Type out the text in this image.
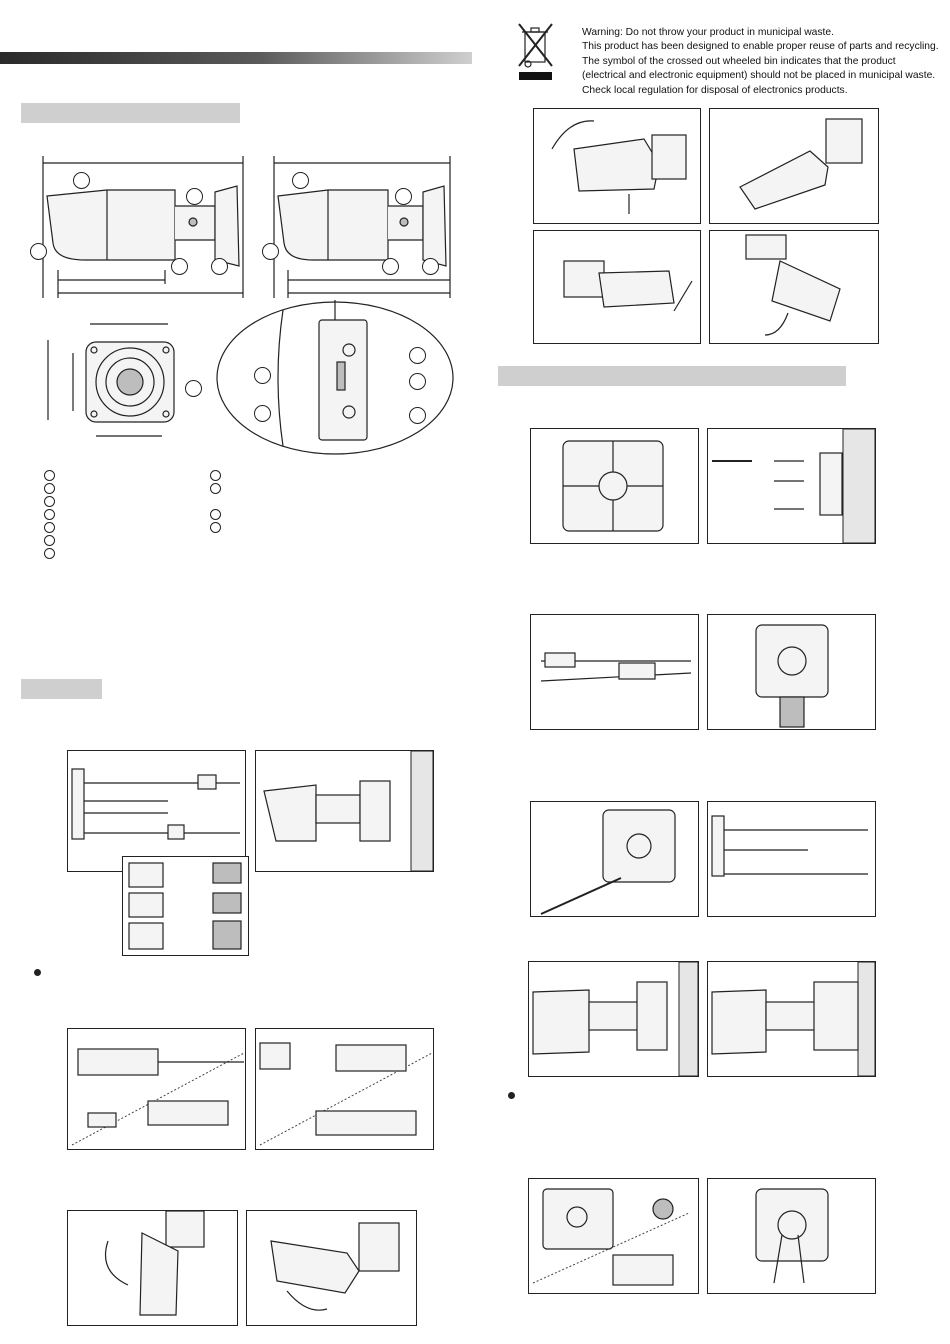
Warning: Do not throw your product in municipal waste.
This product has been designed to enable proper reuse of parts and recycling.
The symbol of the crossed out wheeled bin indicates that the product
(electrical and electronic equipment) should not be placed in municipal waste.
Check local regulation for disposal of electronics products.
